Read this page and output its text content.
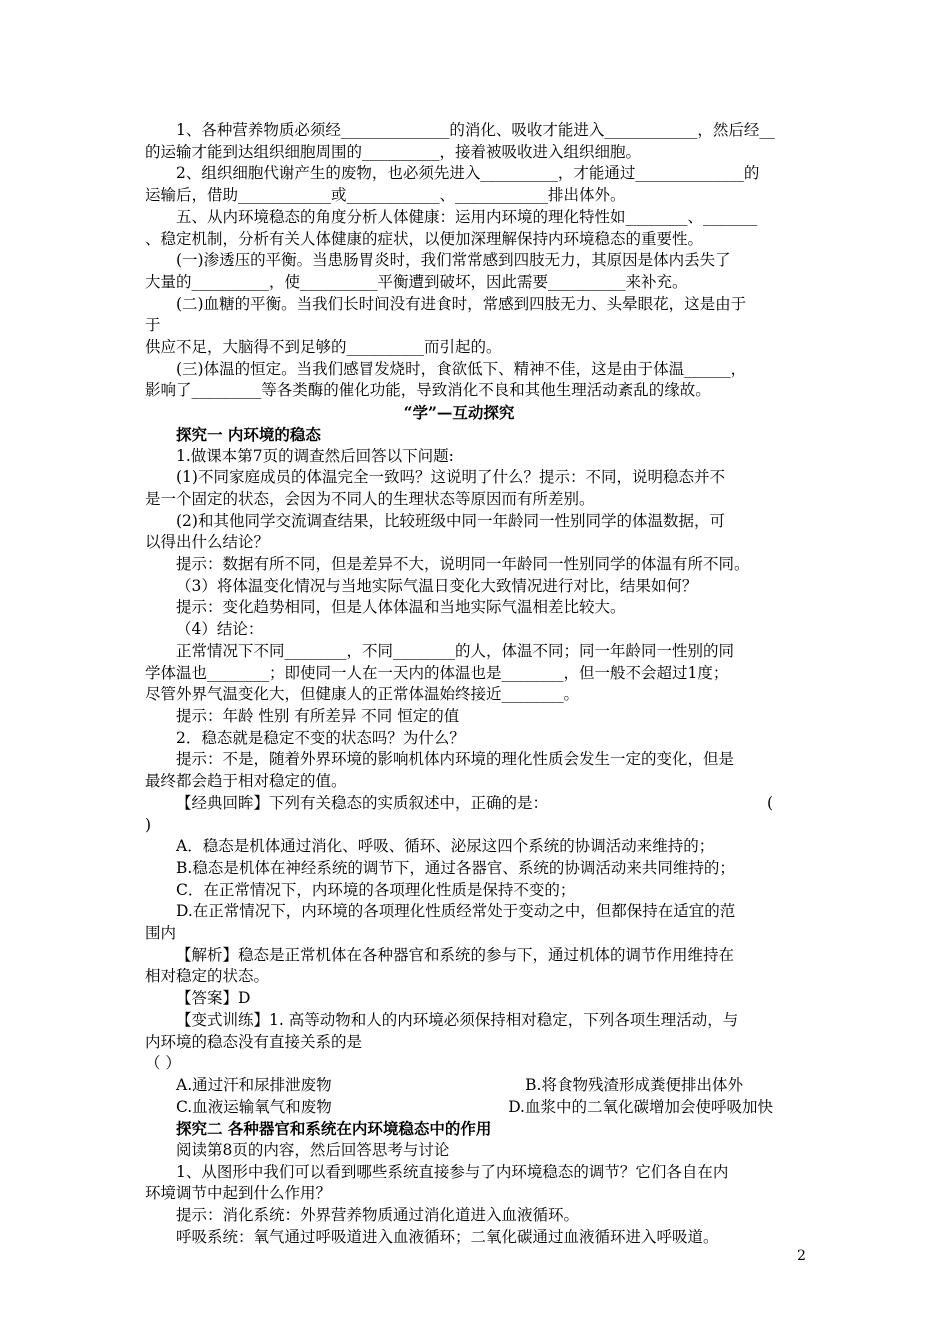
1、各种营养物质必须经______________的消化、吸收才能进入____________，然后经__
的运输才能到达组织细胞周围的__________，接着被吸收进入组织细胞。
2、组织细胞代谢产生的废物，也必须先进入__________，才能通过______________的
运输后，借助____________或____________、____________排出体外。
五、从内环境稳态的角度分析人体健康：运用内环境的理化特性如________、_______
、稳定机制，分析有关人体健康的症状，以便加深理解保持内环境稳态的重要性。
(一)渗透压的平衡。当患肠胃炎时，我们常常感到四肢无力，其原因是体内丢失了
大量的__________，使__________平衡遭到破坏，因此需要__________来补充。
(二)血糖的平衡。当我们长时间没有进食时，常感到四肢无力、头晕眼花，这是由于
于
供应不足，大脑得不到足够的__________而引起的。
(三)体温的恒定。当我们感冒发烧时，食欲低下、精神不佳，这是由于体温______，
影响了_________等各类酶的催化功能，导致消化不良和其他生理活动紊乱的缘故。
“学”—互动探究
探究一 内环境的稳态
1.做课本第7页的调查然后回答以下问题:
(1)不同家庭成员的体温完全一致吗？这说明了什么？提示：不同，说明稳态并不
是一个固定的状态，会因为不同人的生理状态等原因而有所差别。
(2)和其他同学交流调查结果，比较班级中同一年龄同一性别同学的体温数据，可
以得出什么结论？
提示：数据有所不同，但是差异不大，说明同一年龄同一性别同学的体温有所不同。
（3）将体温变化情况与当地实际气温日变化大致情况进行对比，结果如何？
提示：变化趋势相同，但是人体体温和当地实际气温相差比较大。
（4）结论：
正常情况下不同________，不同________的人，体温不同；同一年龄同一性别的同
学体温也________；即使同一人在一天内的体温也是________，但一般不会超过1度；
尽管外界气温变化大，但健康人的正常体温始终接近________。
提示：年龄 性别 有所差异 不同 恒定的值
2．稳态就是稳定不变的状态吗？为什么？
提示：不是，随着外界环境的影响机体内环境的理化性质会发生一定的变化，但是
最终都会趋于相对稳定的值。
【经典回眸】下列有关稳态的实质叙述中，正确的是：	(
)
A．稳态是机体通过消化、呼吸、循环、泌尿这四个系统的协调活动来维持的；
B.稳态是机体在神经系统的调节下，通过各器官、系统的协调活动来共同维持的；
C．在正常情况下，内环境的各项理化性质是保持不变的；
D.在正常情况下，内环境的各项理化性质经常处于变动之中，但都保持在适宜的范
围内
【解析】稳态是正常机体在各种器官和系统的参与下，通过机体的调节作用维持在
相对稳定的状态。
【答案】D
【变式训练】1. 高等动物和人的内环境必须保持相对稳定，下列各项生理活动，与
内环境的稳态没有直接关系的是
（ ）
A.通过汗和尿排泄废物	B.将食物残渣形成粪便排出体外
C.血液运输氧气和废物	D.血浆中的二氧化碳增加会使呼吸加快
探究二 各种器官和系统在内环境稳态中的作用
阅读第8页的内容，然后回答思考与讨论
1、从图形中我们可以看到哪些系统直接参与了内环境稳态的调节？它们各自在内
环境调节中起到什么作用？
提示：消化系统：外界营养物质通过消化道进入血液循环。
呼吸系统：氧气通过呼吸道进入血液循环；二氧化碳通过血液循环进入呼吸道。
2
